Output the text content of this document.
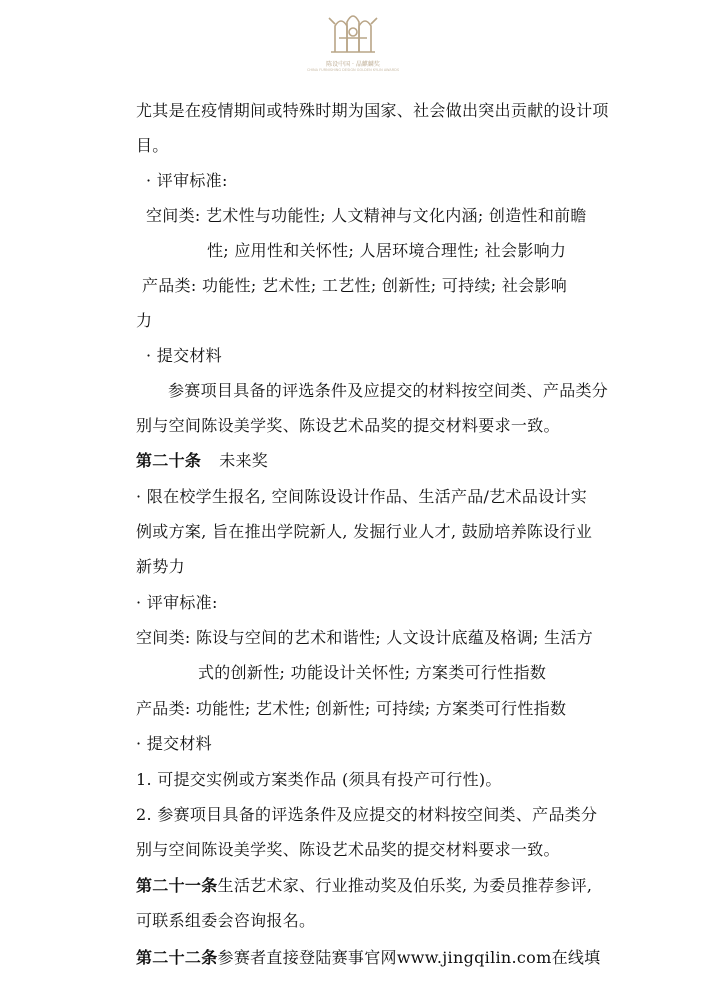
陈设中国 · 晶麒麟奖
CHINA FURNISHING DESIGN GOLDEN KYLIN AWARDS
尤其是在疫情期间或特殊时期为国家、社会做出突出贡献的设计项
目。
· 评审标准:
空间类: 艺术性与功能性; 人文精神与文化内涵; 创造性和前瞻
性; 应用性和关怀性; 人居环境合理性; 社会影响力
产品类: 功能性; 艺术性; 工艺性; 创新性; 可持续; 社会影响
力
· 提交材料
参赛项目具备的评选条件及应提交的材料按空间类、产品类分
别与空间陈设美学奖、陈设艺术品奖的提交材料要求一致。
第二十条 未来奖
· 限在校学生报名, 空间陈设设计作品、生活产品/艺术品设计实
例或方案, 旨在推出学院新人, 发掘行业人才, 鼓励培养陈设行业
新势力
· 评审标准:
空间类: 陈设与空间的艺术和谐性; 人文设计底蕴及格调; 生活方
式的创新性; 功能设计关怀性; 方案类可行性指数
产品类: 功能性; 艺术性; 创新性; 可持续; 方案类可行性指数
· 提交材料
1. 可提交实例或方案类作品 (须具有投产可行性)。
2. 参赛项目具备的评选条件及应提交的材料按空间类、产品类分
别与空间陈设美学奖、陈设艺术品奖的提交材料要求一致。
第二十一条生活艺术家、行业推动奖及伯乐奖, 为委员推荐参评,
可联系组委会咨询报名。
第二十二条参赛者直接登陆赛事官网www.jingqilin.com在线填
